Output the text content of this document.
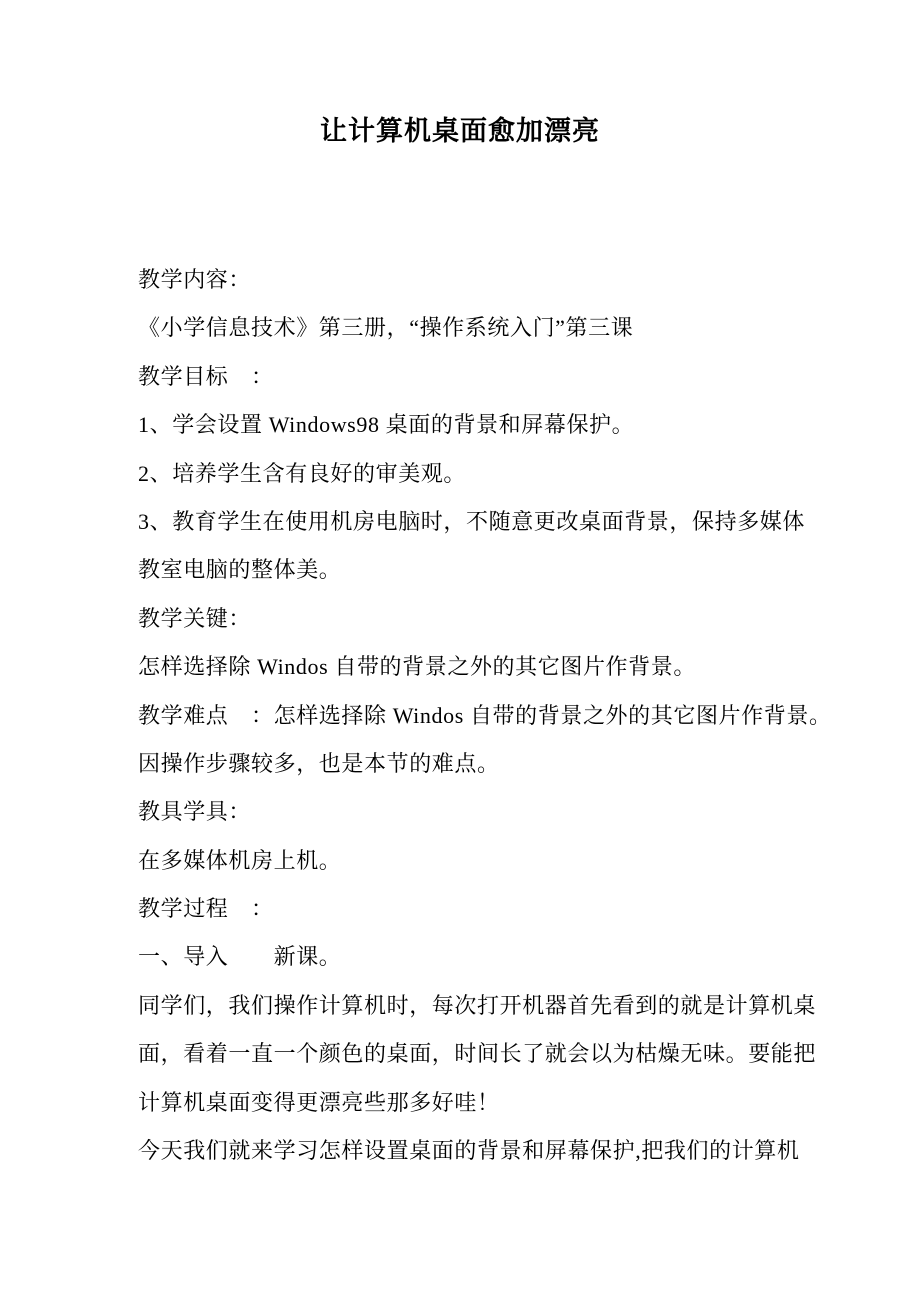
让计算机桌面愈加漂亮
教学内容：
《小学信息技术》第三册，“操作系统入门”第三课
教学目标　：
1、学会设置 Windows98 桌面的背景和屏幕保护。
2、培养学生含有良好的审美观。
3、教育学生在使用机房电脑时，不随意更改桌面背景，保持多媒体
教室电脑的整体美。
教学关键：
怎样选择除 Windos 自带的背景之外的其它图片作背景。
教学难点　：怎样选择除 Windos 自带的背景之外的其它图片作背景。
因操作步骤较多，也是本节的难点。
教具学具：
在多媒体机房上机。
教学过程　：
一、导入　　新课。
同学们，我们操作计算机时，每次打开机器首先看到的就是计算机桌
面，看着一直一个颜色的桌面，时间长了就会以为枯燥无味。要能把
计算机桌面变得更漂亮些那多好哇！
今天我们就来学习怎样设置桌面的背景和屏幕保护,把我们的计算机
